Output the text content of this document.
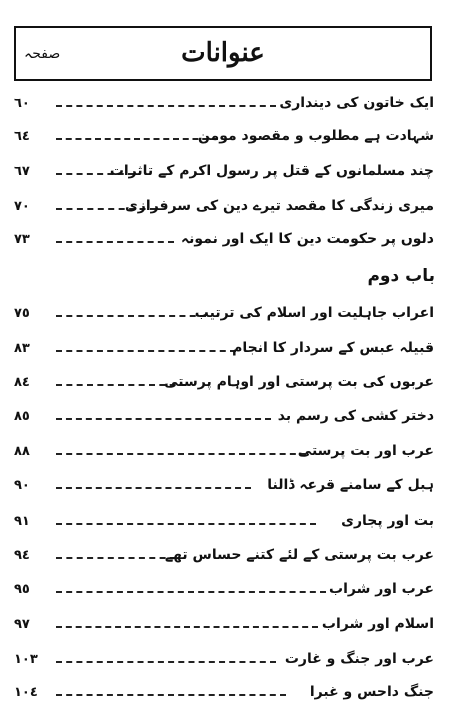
عنوانات
صفحہ
٦٠	ایک خاتون کی دینداری
٦٤	شہادت ہے مطلوب و مقصود مومن
٦٧	چند مسلمانوں کے قتل پر رسول اکرم کے تاثرات
٧٠	میری زندگی کا مقصد تیرے دین کی سرفرازی
٧٣	دلوں پر حکومت دین کا ایک اور نمونہ
باب دوم
٧٥	اعراب جاہلیت اور اسلام کی ترتیب
٨٣	قبیلہ عبس کے سردار کا انجام
٨٤	عربوں کی بت پرستی اور اوہام پرستی
٨٥	دختر کشی کی رسم بد
٨٨	عرب اور بت پرستی
٩٠	ہبل کے سامنے قرعہ ڈالنا
٩١	بت اور پجاری
٩٤	عرب بت پرستی کے لئے کتنے حساس تھے
٩٥	عرب اور شراب
٩٧	اسلام اور شراب
١٠٣	عرب اور جنگ و غارت
١٠٤	جنگ داحس و غبرا
